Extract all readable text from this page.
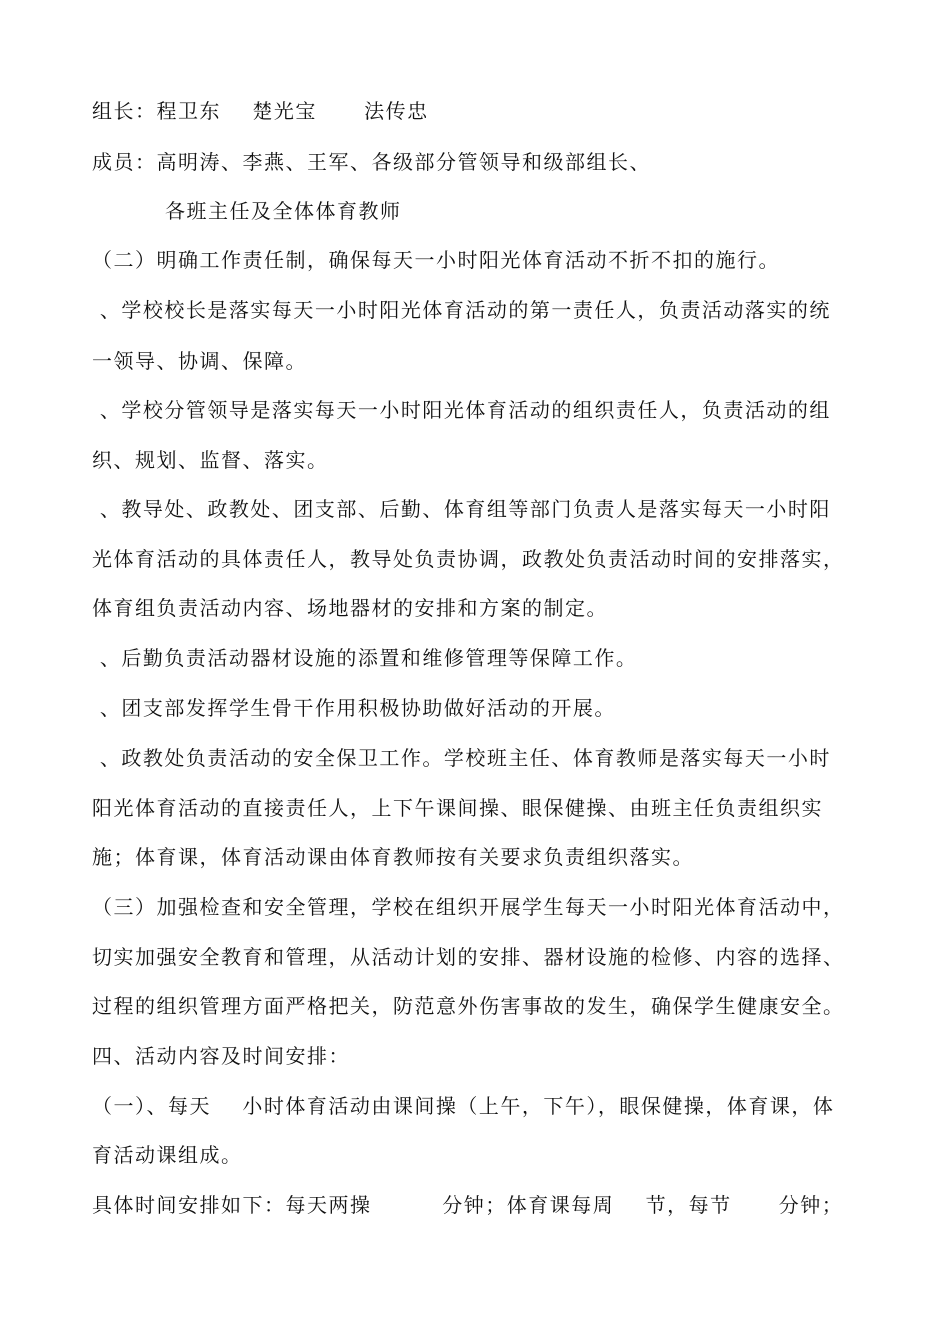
组长：程卫东    楚光宝      法传忠
成员：高明涛、李燕、王军、各级部分管领导和级部组长、
各班主任及全体体育教师
（二）明确工作责任制，确保每天一小时阳光体育活动不折不扣的施行。
、学校校长是落实每天一小时阳光体育活动的第一责任人，负责活动落实的统
一领导、协调、保障。
、学校分管领导是落实每天一小时阳光体育活动的组织责任人，负责活动的组
织、规划、监督、落实。
、教导处、政教处、团支部、后勤、体育组等部门负责人是落实每天一小时阳
光体育活动的具体责任人，教导处负责协调，政教处负责活动时间的安排落实，
体育组负责活动内容、场地器材的安排和方案的制定。
、后勤负责活动器材设施的添置和维修管理等保障工作。
、团支部发挥学生骨干作用积极协助做好活动的开展。
、政教处负责活动的安全保卫工作。学校班主任、体育教师是落实每天一小时
阳光体育活动的直接责任人，上下午课间操、眼保健操、由班主任负责组织实
施；体育课，体育活动课由体育教师按有关要求负责组织落实。
（三）加强检查和安全管理，学校在组织开展学生每天一小时阳光体育活动中，
切实加强安全教育和管理，从活动计划的安排、器材设施的检修、内容的选择、
过程的组织管理方面严格把关，防范意外伤害事故的发生，确保学生健康安全。
四、活动内容及时间安排：
（一）、每天    小时体育活动由课间操（上午，下午），眼保健操，体育课，体
育活动课组成。
具体时间安排如下：每天两操         分钟；体育课每周    节，每节      分钟；
